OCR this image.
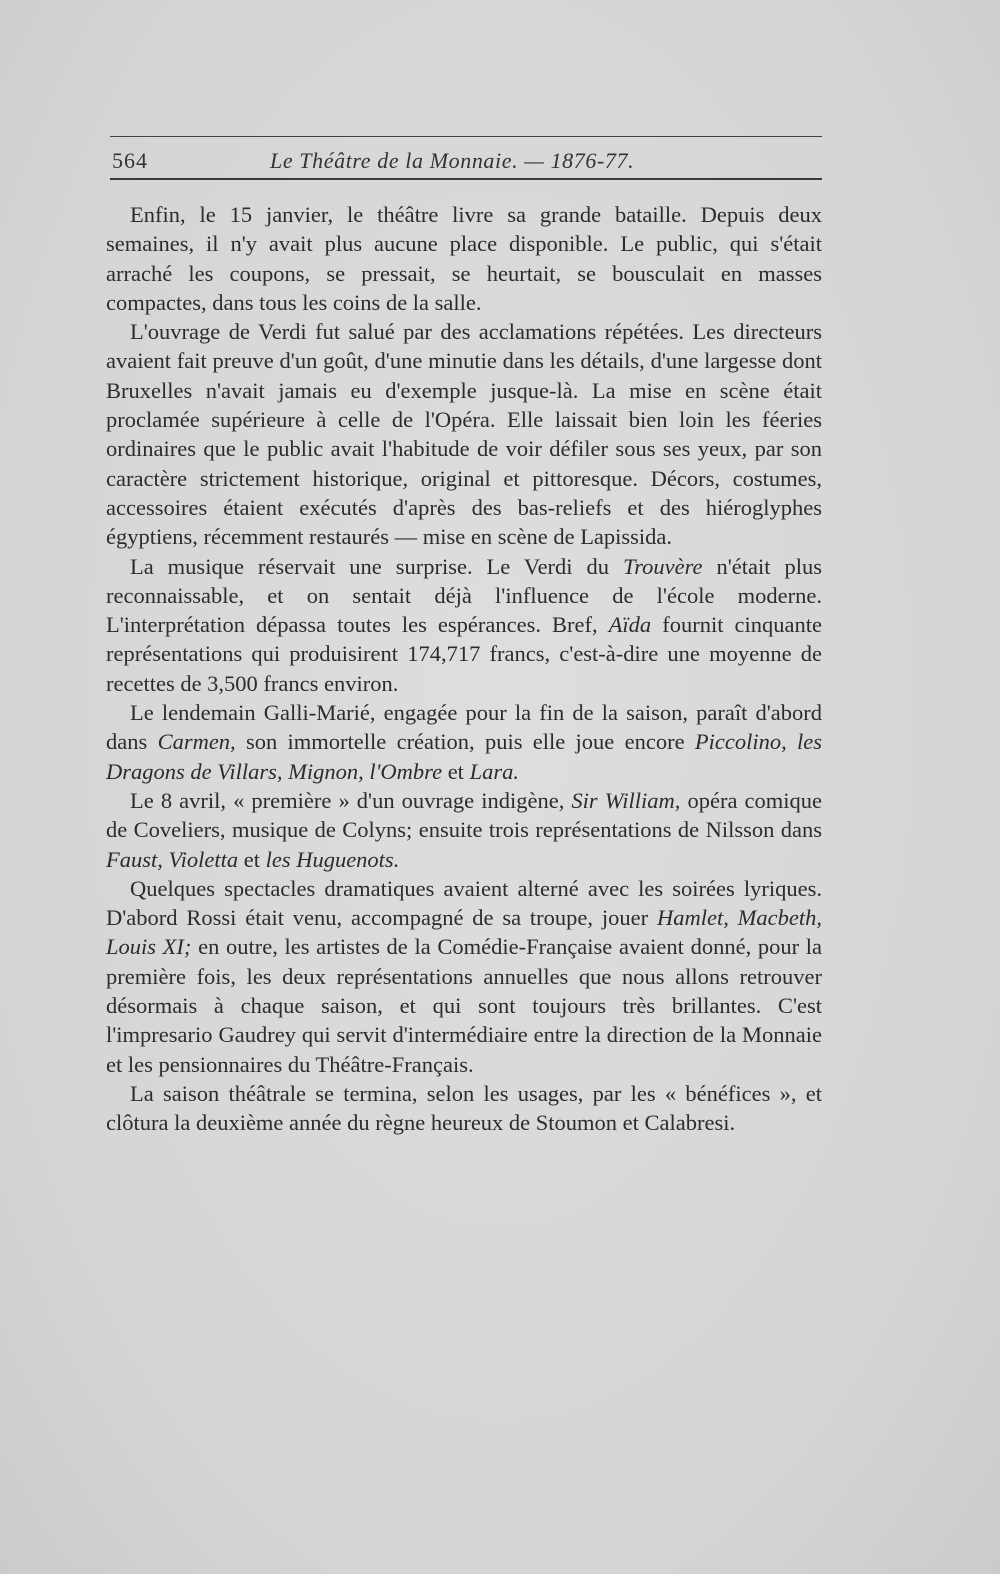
564	Le Théâtre de la Monnaie. — 1876-77.

Enfin, le 15 janvier, le théâtre livre sa grande bataille. Depuis deux semaines, il n'y avait plus aucune place disponible. Le public, qui s'était arraché les coupons, se pressait, se heurtait, se bousculait en masses compactes, dans tous les coins de la salle.

L'ouvrage de Verdi fut salué par des acclamations répétées. Les directeurs avaient fait preuve d'un goût, d'une minutie dans les détails, d'une largesse dont Bruxelles n'avait jamais eu d'exemple jusque-là. La mise en scène était proclamée supérieure à celle de l'Opéra. Elle laissait bien loin les féeries ordinaires que le public avait l'habitude de voir défiler sous ses yeux, par son caractère strictement historique, original et pittoresque. Décors, costumes, accessoires étaient exécutés d'après des bas-reliefs et des hiéroglyphes égyptiens, récemment restaurés — mise en scène de Lapissida.

La musique réservait une surprise. Le Verdi du Trouvère n'était plus reconnaissable, et on sentait déjà l'influence de l'école moderne. L'interprétation dépassa toutes les espérances. Bref, Aïda fournit cinquante représentations qui produisirent 174,717 francs, c'est-à-dire une moyenne de recettes de 3,500 francs environ.

Le lendemain Galli-Marié, engagée pour la fin de la saison, paraît d'abord dans Carmen, son immortelle création, puis elle joue encore Piccolino, les Dragons de Villars, Mignon, l'Ombre et Lara.

Le 8 avril, « première » d'un ouvrage indigène, Sir William, opéra comique de Coveliers, musique de Colyns; ensuite trois représentations de Nilsson dans Faust, Violetta et les Huguenots.

Quelques spectacles dramatiques avaient alterné avec les soirées lyriques. D'abord Rossi était venu, accompagné de sa troupe, jouer Hamlet, Macbeth, Louis XI; en outre, les artistes de la Comédie-Française avaient donné, pour la première fois, les deux représentations annuelles que nous allons retrouver désormais à chaque saison, et qui sont toujours très brillantes. C'est l'impresario Gaudrey qui servit d'intermédiaire entre la direction de la Monnaie et les pensionnaires du Théâtre-Français.

La saison théâtrale se termina, selon les usages, par les « bénéfices », et clôtura la deuxième année du règne heureux de Stoumon et Calabresi.
